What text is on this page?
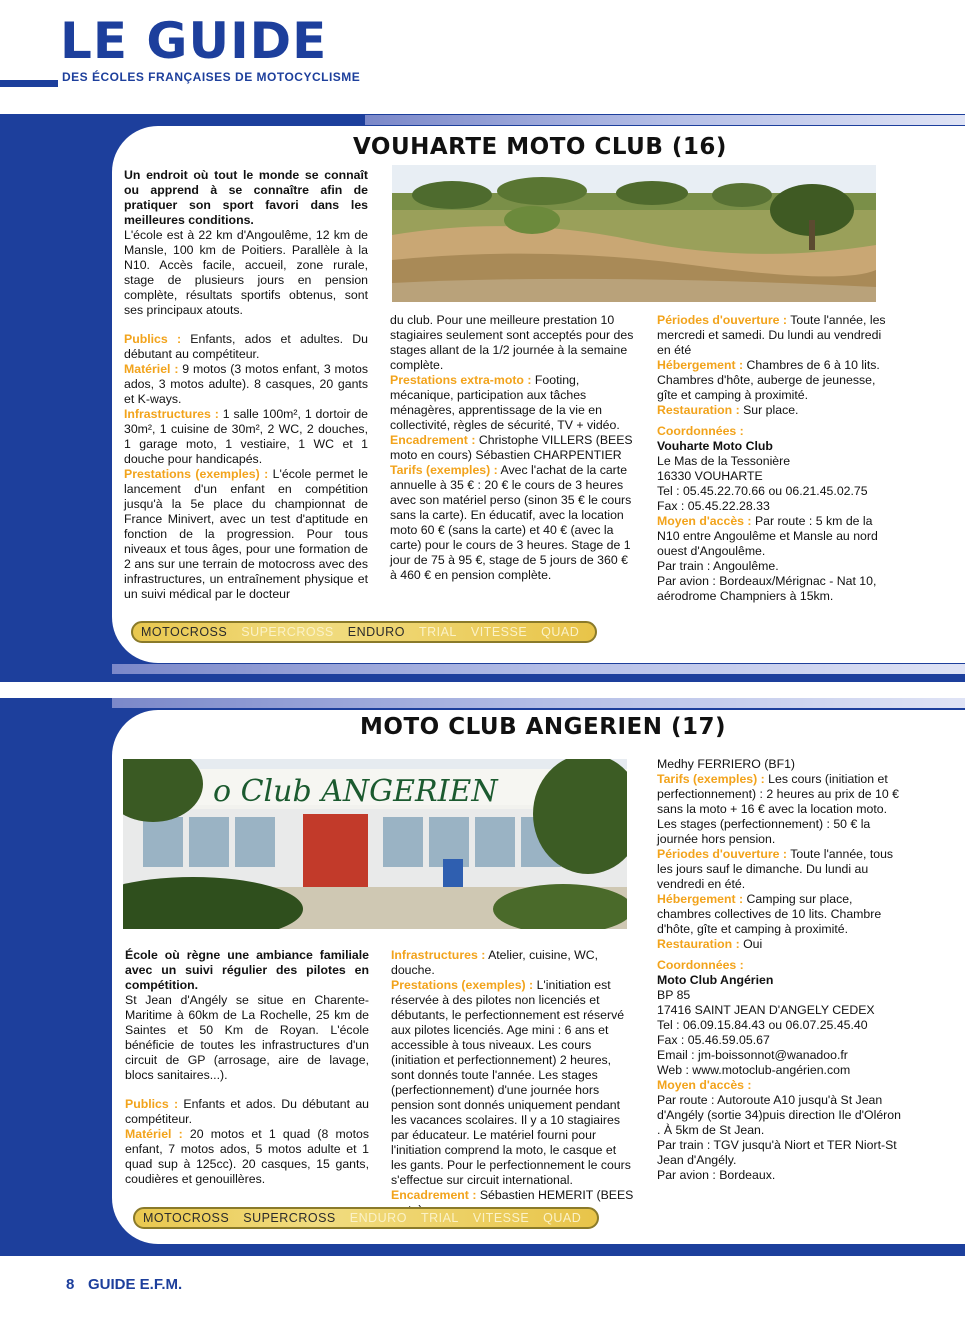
LE GUIDE
DES ÉCOLES FRANÇAISES DE MOTOCYCLISME
VOUHARTE MOTO CLUB (16)

Un endroit où tout le monde se connaît ou apprend à se connaître afin de pratiquer son sport favori dans les meilleures conditions.

L'école est à 22 km d'Angoulême, 12 km de Mansle, 100 km de Poitiers. Parallèle à la N10. Accès facile, accueil, zone rurale, stage de plusieurs jours en pension complète, résultats sportifs obtenus, sont ses principaux atouts.

Publics : Enfants, ados et adultes. Du débutant au compétiteur.

Matériel : 9 motos (3 motos enfant, 3 motos ados, 3 motos adulte). 8 casques, 20 gants et K-ways.

Infrastructures : 1 salle 100m², 1 dortoir de 30m², 1 cuisine de 30m², 2 WC, 2 douches, 1 garage moto, 1 vestiaire, 1 WC et 1 douche pour handicapés.

Prestations (exemples) : L'école permet le lancement d'un enfant en compétition jusqu'à la 5e place du championnat de France Minivert, avec un test d'aptitude en fonction de la progression. Pour tous niveaux et tous âges, pour une formation de 2 ans sur une terrain de motocross avec des infrastructures, un entraînement physique et un suivi médical par le docteur

du club. Pour une meilleure prestation 10 stagiaires seulement sont acceptés pour des stages allant de la 1/2 journée à la semaine complète.

Prestations extra-moto : Footing, mécanique, participation aux tâches ménagères, apprentissage de la vie en collectivité, règles de sécurité, TV + vidéo.

Encadrement : Christophe VILLERS (BEES moto en cours) Sébastien CHARPENTIER

Tarifs (exemples) : Avec l'achat de la carte annuelle à 35 € : 20 € le cours de 3 heures avec son matériel perso (sinon 35 € le cours sans la carte). En éducatif, avec la location moto 60 € (sans la carte) et 40 € (avec la carte) pour le cours de 3 heures. Stage de 1 jour de 75 à 95 €, stage de 5 jours de 360 € à 460 € en pension complète.

Périodes d'ouverture : Toute l'année, les mercredi et samedi. Du lundi au vendredi en été

Hébergement : Chambres de 6 à 10 lits. Chambres d'hôte, auberge de jeunesse, gîte et camping à proximité.

Restauration : Sur place.

Coordonnées :

Vouharte Moto Club

Le Mas de la Tessonière

16330 VOUHARTE

Tel : 05.45.22.70.66 ou 06.21.45.02.75

Fax : 05.45.22.28.33

Moyen d'accès : Par route : 5 km de la N10 entre Angoulême et Mansle au nord ouest d'Angoulême.

Par train : Angoulême.

Par avion : Bordeaux/Mérignac - Nat 10, aérodrome Champniers à 15km.

MOTOCROSS SUPERCROSS ENDURO TRIAL VITESSE QUAD
MOTO CLUB ANGERIEN (17)
o Club ANGERIEN

École où règne une ambiance familiale avec un suivi régulier des pilotes en compétition.

St Jean d'Angély se situe en Charente-Maritime à 60km de La Rochelle, 25 km de Saintes et 50 Km de Royan. L'école bénéficie de toutes les infrastructures d'un circuit de GP (arrosage, aire de lavage, blocs sanitaires...).

Publics : Enfants et ados. Du débutant au compétiteur.

Matériel : 20 motos et 1 quad (8 motos enfant, 7 motos ados, 5 motos adulte et 1 quad sup à 125cc). 20 casques, 15 gants, coudières et genouillères.

Infrastructures : Atelier, cuisine, WC, douche.

Prestations (exemples) : L'initiation est réservée à des pilotes non licenciés et débutants, le perfectionnement est réservé aux pilotes licenciés. Age mini : 6 ans et accessible à tous niveaux. Les cours (initiation et perfectionnement) 2 heures, sont donnés toute l'année. Les stages (perfectionnement) d'une journée hors pension sont donnés uniquement pendant les vacances scolaires. Il y a 10 stagiaires par éducateur. Le matériel fourni pour l'initiation comprend la moto, le casque et les gants. Pour le perfectionnement le cours s'effectue sur circuit international.

Encadrement : Sébastien HEMERIT (BEES

Medhy FERRIERO (BF1)

Tarifs (exemples) : Les cours (initiation et perfectionnement) : 2 heures au prix de 10 € sans la moto + 16 € avec la location moto. Les stages (perfectionnement) : 50 € la journée hors pension.

Périodes d'ouverture : Toute l'année, tous les jours sauf le dimanche. Du lundi au vendredi en été.

Hébergement : Camping sur place, chambres collectives de 10 lits. Chambre d'hôte, gîte et camping à proximité.

Restauration : Oui

Coordonnées :

Moto Club Angérien

BP 85

17416 SAINT JEAN D'ANGELY CEDEX

Tel : 06.09.15.84.43 ou 06.07.25.45.40

Fax : 05.46.59.05.67

Email : jm-boissonnot@wanadoo.fr

Web : www.motoclub-angérien.com

Moyen d'accès :

Par route : Autoroute A10 jusqu'à St Jean d'Angély (sortie 34)puis direction Ile d'Oléron . À 5km de St Jean.

Par train : TGV jusqu'à Niort et TER Niort-St Jean d'Angély.

Par avion : Bordeaux.

MOTOCROSS SUPERCROSS ENDURO TRIAL VITESSE QUAD
8 GUIDE E.F.M.
